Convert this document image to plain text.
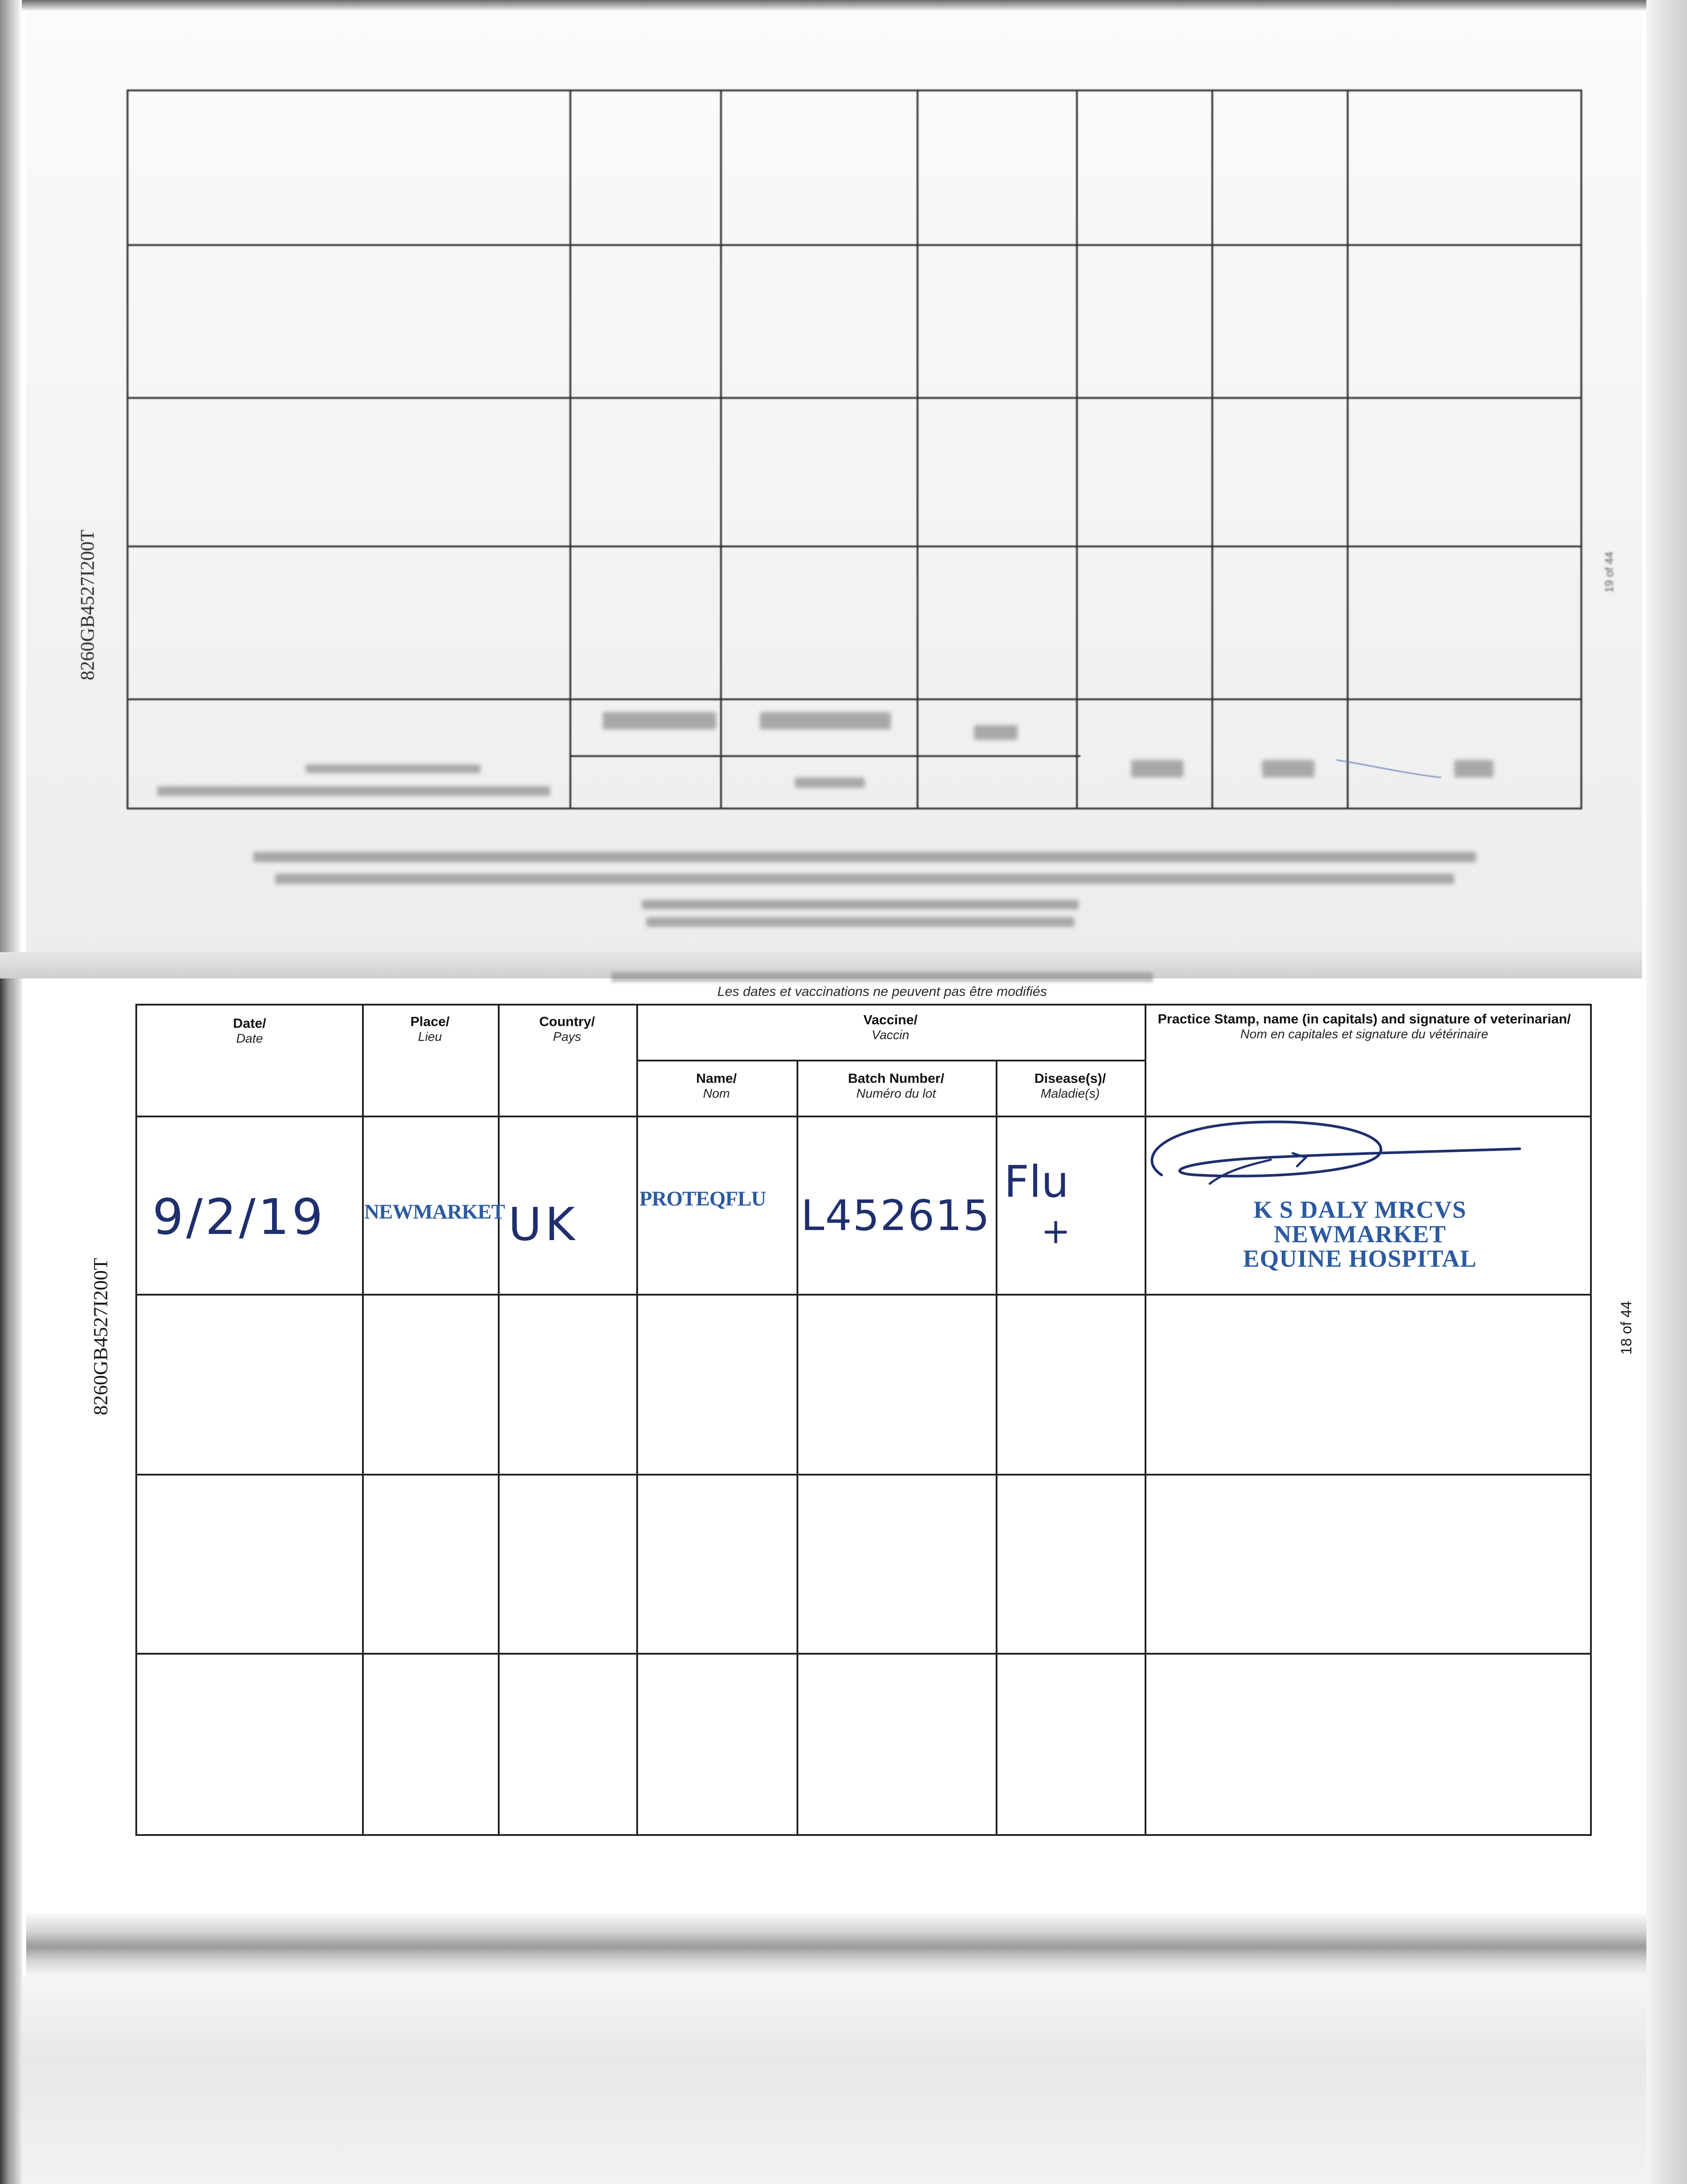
8260GB4527I200T	19 of 44
Les dates et vaccinations ne peuvent pas être modifiés
8260GB4527I200T
Date/
Date
Place/
Lieu
Country/
Pays
Vaccine/
Vaccin
Name/
Nom
Batch Number/
Numéro du lot
Disease(s)/
Maladie(s)
Practice Stamp, name (in capitals) and signature of veterinarian/
Nom en capitales et signature du vétérinaire
9/2/19 NEWMARKET UK	PROTEQFLU L452615
Flu
+
K S DALY MRCVS
NEWMARKET
EQUINE HOSPITAL
18 of 44
